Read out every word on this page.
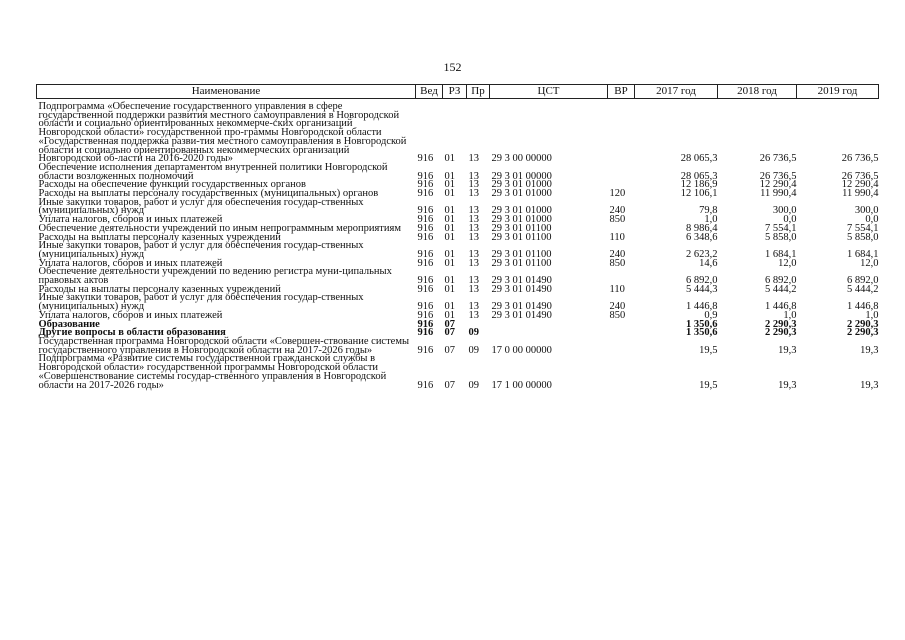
152
Наименование	Вед	РЗ	Пр	ЦСТ	ВР	2017 год	2018 год	2019 год

Подпрограмма «Обеспечение государственного управления в сфере государственной поддержки развития местного самоуправления в Новгородской области и социально ориентированных некоммерче-ских организаций Новгородской области» государственной про-граммы Новгородской области «Государственная поддержка разви-тия местного самоуправления в Новгородской области и социально ориентированных некоммерческих организаций Новгородской об-ласти на 2016-2020 годы»	916	01	13	29 3 00 00000		28 065,3	26 736,5	26 736,5
Обеспечение исполнения департаментом внутренней политики Новгородской области возложенных полномочий	916	01	13	29 3 01 00000		28 065,3	26 736,5	26 736,5
Расходы на обеспечение функций государственных органов	916	01	13	29 3 01 01000		12 186,9	12 290,4	12 290,4
Расходы на выплаты персоналу государственных (муниципальных) органов	916	01	13	29 3 01 01000	120	12 106,1	11 990,4	11 990,4
Иные закупки товаров, работ и услуг для обеспечения государ-ственных (муниципальных) нужд	916	01	13	29 3 01 01000	240	79,8	300,0	300,0
Уплата налогов, сборов и иных платежей	916	01	13	29 3 01 01000	850	1,0	0,0	0,0
Обеспечение деятельности учреждений по иным непрограммным мероприятиям	916	01	13	29 3 01 01100		8 986,4	7 554,1	7 554,1
Расходы на выплаты персоналу казенных учреждений	916	01	13	29 3 01 01100	110	6 348,6	5 858,0	5 858,0
Иные закупки товаров, работ и услуг для обеспечения государ-ственных (муниципальных) нужд	916	01	13	29 3 01 01100	240	2 623,2	1 684,1	1 684,1
Уплата налогов, сборов и иных платежей	916	01	13	29 3 01 01100	850	14,6	12,0	12,0
Обеспечение деятельности учреждений по ведению регистра муни-ципальных правовых актов	916	01	13	29 3 01 01490		6 892,0	6 892,0	6 892,0
Расходы на выплаты персоналу казенных учреждений	916	01	13	29 3 01 01490	110	5 444,3	5 444,2	5 444,2
Иные закупки товаров, работ и услуг для обеспечения государ-ственных (муниципальных) нужд	916	01	13	29 3 01 01490	240	1 446,8	1 446,8	1 446,8
Уплата налогов, сборов и иных платежей	916	01	13	29 3 01 01490	850	0,9	1,0	1,0
Образование	916	07				1 350,6	2 290,3	2 290,3
Другие вопросы в области образования	916	07	09			1 350,6	2 290,3	2 290,3
Государственная программа Новгородской области «Совершен-ствование системы государственного управления в Новгородской области на 2017-2026 годы»	916	07	09	17 0 00 00000		19,5	19,3	19,3
Подпрограмма «Развитие системы государственной гражданской службы в Новгородской области» государственной программы Новгородской области «Совершенствование системы государ-ственного управления в Новгородской области на 2017-2026 годы»	916	07	09	17 1 00 00000		19,5	19,3	19,3
